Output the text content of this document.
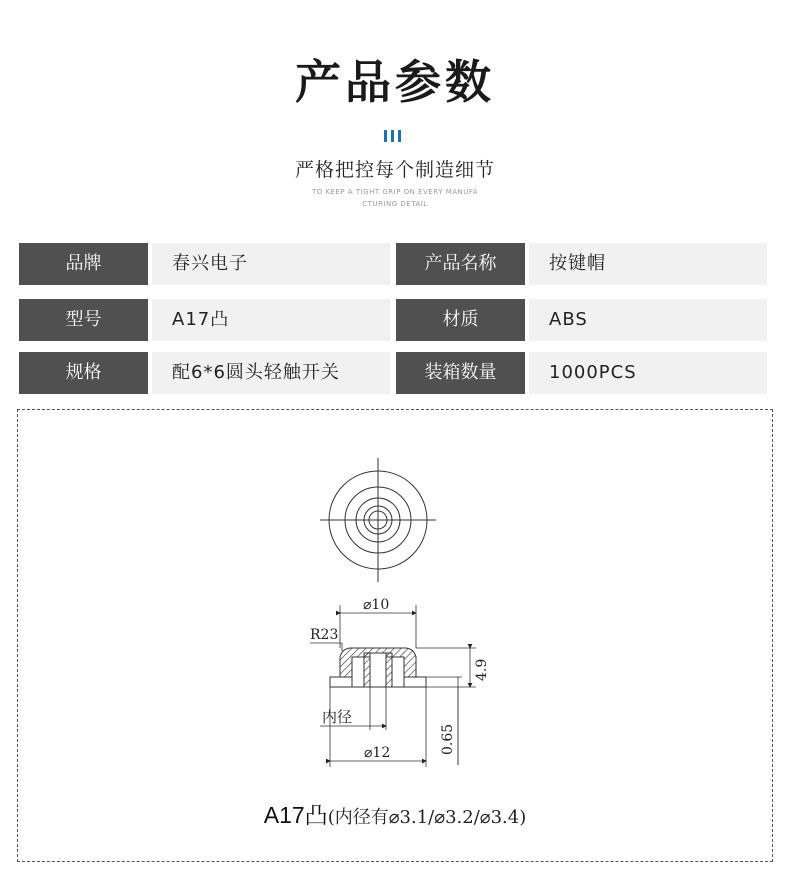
产品参数
严格把控每个制造细节
TO KEEP A TIGHT GRIP ON EVERY MANUFA
CTURING DETAIL
品牌	春兴电子	产品名称	按键帽
型号	A17凸	材质	ABS
规格	配6*6圆头轻触开关	装箱数量	1000PCS
⌀10
R23
内径
⌀12
4.9
0.65
A17凸(内径有⌀3.1/⌀3.2/⌀3.4)
